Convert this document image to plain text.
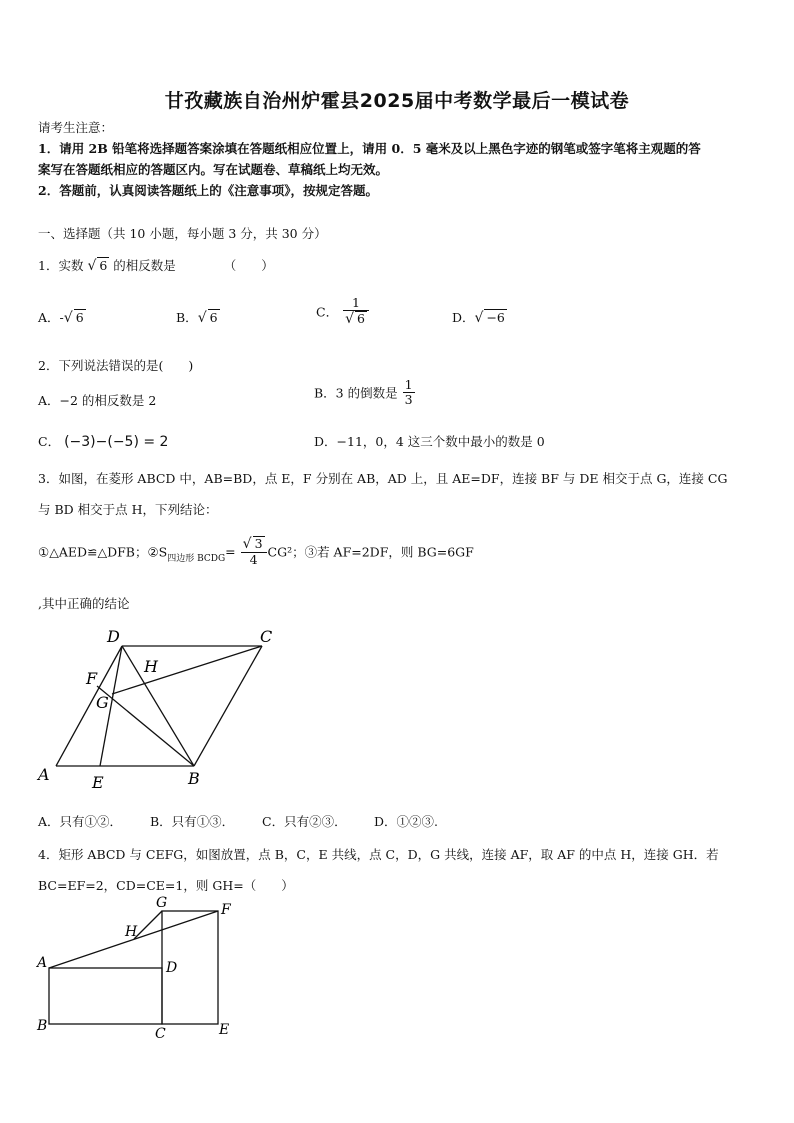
甘孜藏族自治州炉霍县2025届中考数学最后一模试卷
请考生注意：
1．请用 2B 铅笔将选择题答案涂填在答题纸相应位置上，请用 0．5 毫米及以上黑色字迹的钢笔或签字笔将主观题的答
案写在答题纸相应的答题区内。写在试题卷、草稿纸上均无效。
2．答题前，认真阅读答题纸上的《注意事项》，按规定答题。
一、选择题（共 10 小题，每小题 3 分，共 30 分）
1．实数 √ 6 的相反数是	（　　）
A．-√ 6	B．√ 6	C． $\frac{1}{√ 6}$	D．√ −6
2．下列说法错误的是(　　)
A．−2 的相反数是 2
B．3 的倒数是 $\frac{1}{3}$
C． (−3)−(−5) = 2	D．−11，0，4 这三个数中最小的数是 0
3．如图，在菱形 ABCD 中，AB=BD，点 E，F 分别在 AB，AD 上，且 AE=DF，连接 BF 与 DE 相交于点 G，连接 CG
与 BD 相交于点 H，下列结论：
①△AED≌△DFB；$②S_{四边形 BCDG}= \frac{√ 3}{4} CG^2$；③若 AF=2DF，则 BG=6GF
,其中正确的结论
D	C
H
F
G
A	E	B
A．只有①②． B．只有①③． C．只有②③． D．①②③.
4．矩形 ABCD 与 CEFG，如图放置，点 B，C，E 共线，点 C，D，G 共线，连接 AF，取 AF 的中点 H，连接 GH．若
BC=EF=2，CD=CE=1，则 GH=（　　）
G	F
H
A	D
B	C	E
